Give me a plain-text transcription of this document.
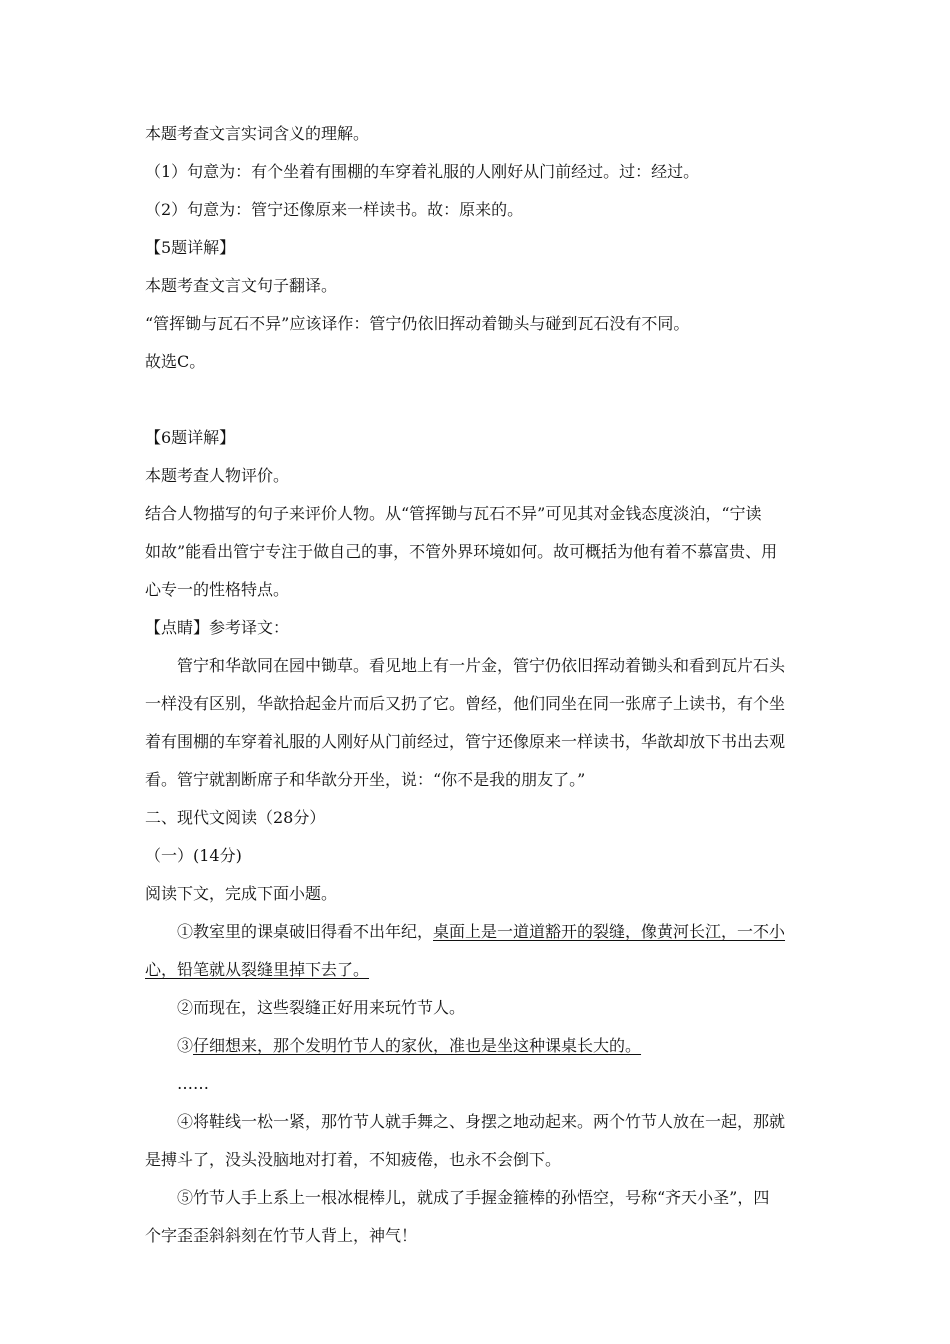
本题考查文言实词含义的理解。
（1）句意为：有个坐着有围棚的车穿着礼服的人刚好从门前经过。过：经过。
（2）句意为：管宁还像原来一样读书。故：原来的。
【5题详解】
本题考查文言文句子翻译。
“管挥锄与瓦石不异”应该译作：管宁仍依旧挥动着锄头与碰到瓦石没有不同。
故选C。
【6题详解】
本题考查人物评价。
结合人物描写的句子来评价人物。从“管挥锄与瓦石不异”可见其对金钱态度淡泊，“宁读
如故”能看出管宁专注于做自己的事，不管外界环境如何。故可概括为他有着不慕富贵、用
心专一的性格特点。
【点睛】参考译文：
管宁和华歆同在园中锄草。看见地上有一片金，管宁仍依旧挥动着锄头和看到瓦片石头
一样没有区别，华歆拾起金片而后又扔了它。曾经，他们同坐在同一张席子上读书，有个坐
着有围棚的车穿着礼服的人刚好从门前经过，管宁还像原来一样读书，华歆却放下书出去观
看。管宁就割断席子和华歆分开坐，说：“你不是我的朋友了。”
二、现代文阅读（28分）
（一）(14分)
阅读下文，完成下面小题。
①教室里的课桌破旧得看不出年纪，桌面上是一道道豁开的裂缝，像黄河长江，一不小
心，铅笔就从裂缝里掉下去了。
②而现在，这些裂缝正好用来玩竹节人。
③仔细想来，那个发明竹节人的家伙，准也是坐这种课桌长大的。
……
④将鞋线一松一紧，那竹节人就手舞之、身摆之地动起来。两个竹节人放在一起，那就
是搏斗了，没头没脑地对打着，不知疲倦，也永不会倒下。
⑤竹节人手上系上一根冰棍棒儿，就成了手握金箍棒的孙悟空，号称“齐天小圣”，四
个字歪歪斜斜刻在竹节人背上，神气！
